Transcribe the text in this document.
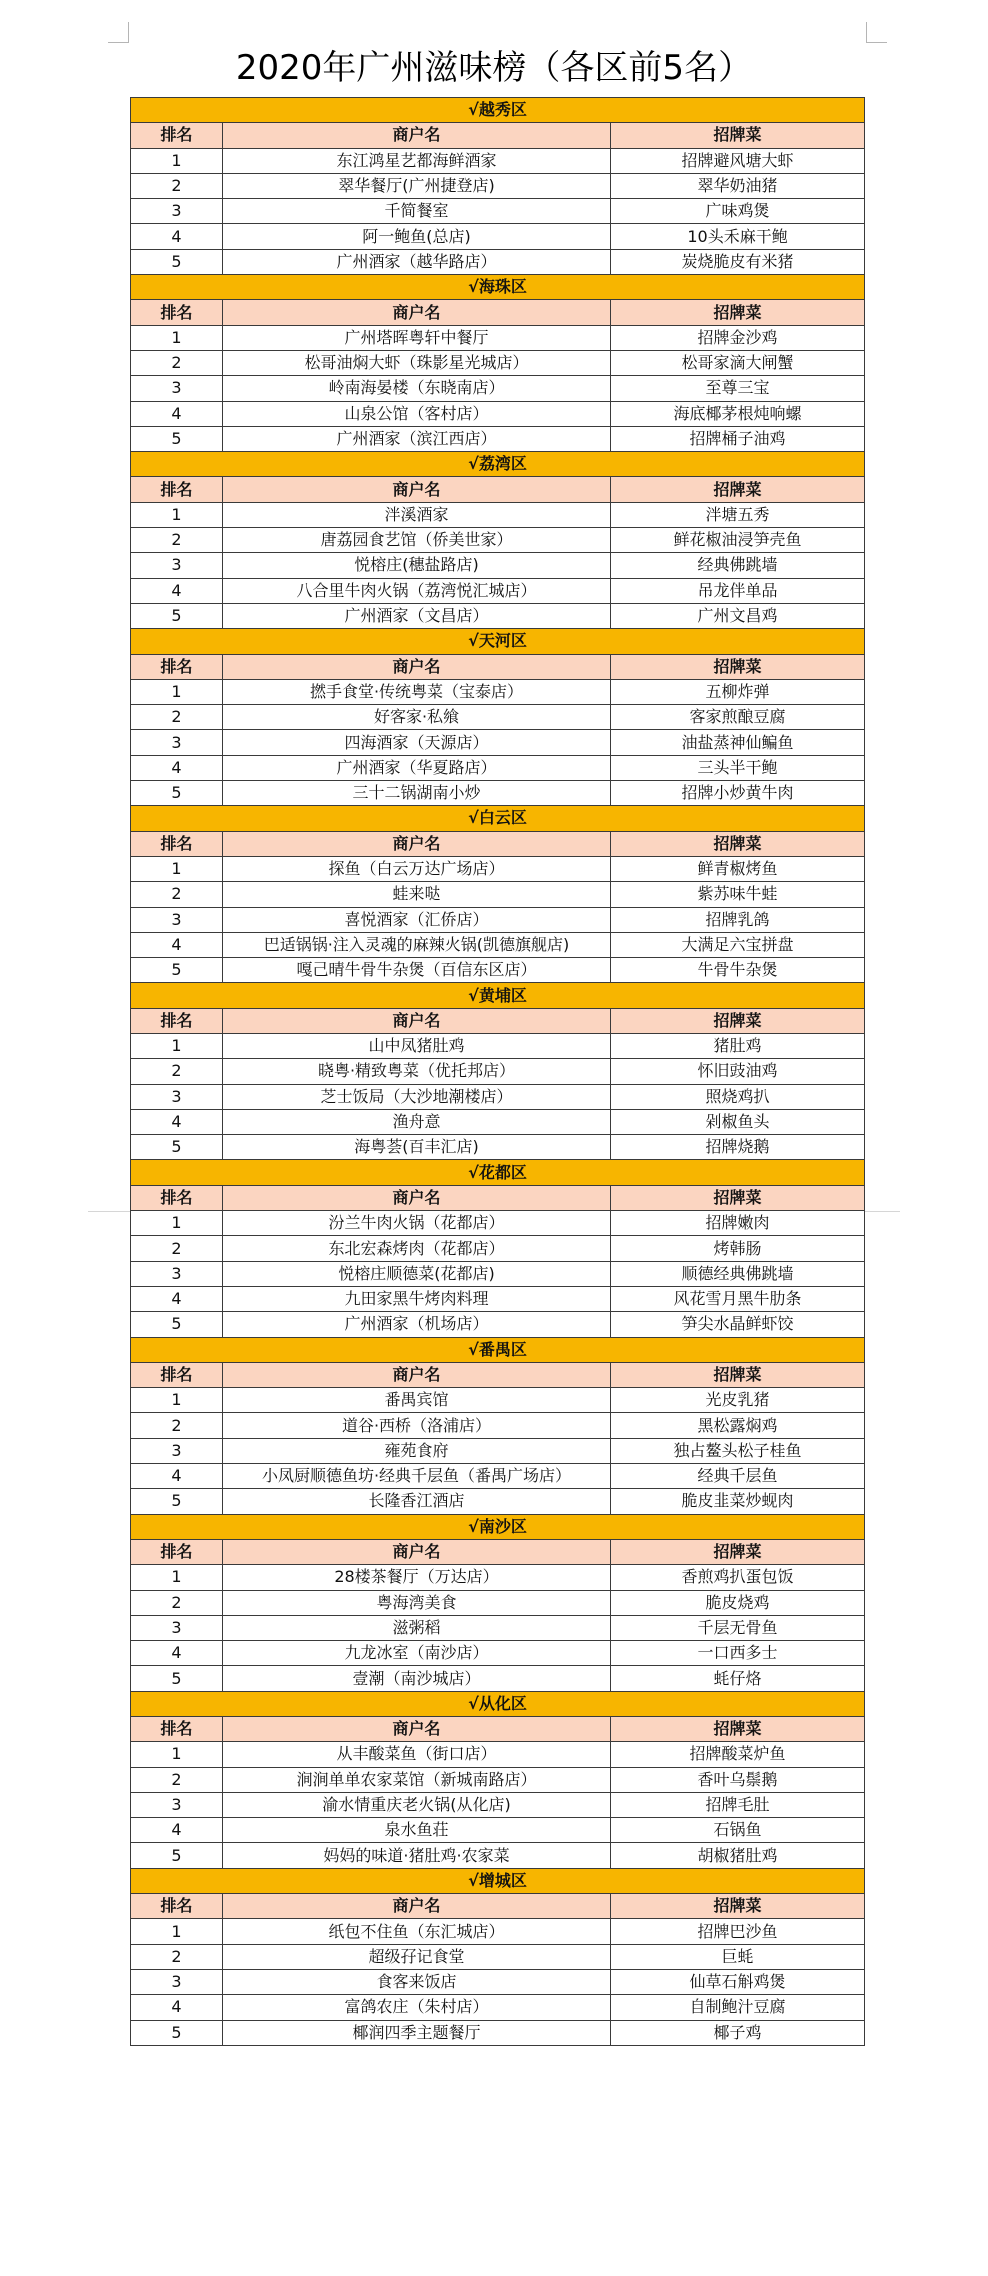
2020年广州滋味榜（各区前5名）
√越秀区		
排名	商户名	招牌菜
1	东江鸿星艺都海鲜酒家	招牌避风塘大虾
2	翠华餐厅(广州捷登店)	翠华奶油猪
3	千简餐室	广味鸡煲
4	阿一鲍鱼(总店)	10头禾麻干鲍
5	广州酒家（越华路店）	炭烧脆皮有米猪
√海珠区		
排名	商户名	招牌菜
1	广州塔晖粤轩中餐厅	招牌金沙鸡
2	松哥油焖大虾（珠影星光城店）	松哥家滴大闸蟹
3	岭南海晏楼（东晓南店）	至尊三宝
4	山泉公馆（客村店）	海底椰茅根炖响螺
5	广州酒家（滨江西店）	招牌桶子油鸡
√荔湾区		
排名	商户名	招牌菜
1	泮溪酒家	泮塘五秀
2	唐荔园食艺馆（侨美世家）	鲜花椒油浸笋壳鱼
3	悦榕庄(穗盐路店)	经典佛跳墙
4	八合里牛肉火锅（荔湾悦汇城店）	吊龙伴单品
5	广州酒家（文昌店）	广州文昌鸡
√天河区		
排名	商户名	招牌菜
1	撚手食堂·传统粤菜（宝泰店）	五柳炸弹
2	好客家·私飨	客家煎酿豆腐
3	四海酒家（天源店）	油盐蒸神仙鳊鱼
4	广州酒家（华夏路店）	三头半干鲍
5	三十二锅湖南小炒	招牌小炒黄牛肉
√白云区		
排名	商户名	招牌菜
1	探鱼（白云万达广场店）	鲜青椒烤鱼
2	蛙来哒	紫苏味牛蛙
3	喜悦酒家（汇侨店）	招牌乳鸽
4	巴适锅锅·注入灵魂的麻辣火锅(凯德旗舰店)	大满足六宝拼盘
5	嘎己晴牛骨牛杂煲（百信东区店）	牛骨牛杂煲
√黄埔区		
排名	商户名	招牌菜
1	山中凤猪肚鸡	猪肚鸡
2	晓粤·精致粤菜（优托邦店）	怀旧豉油鸡
3	芝士饭局（大沙地潮楼店）	照烧鸡扒
4	渔舟意	剁椒鱼头
5	海粤荟(百丰汇店)	招牌烧鹅
√花都区		
排名	商户名	招牌菜
1	汾兰牛肉火锅（花都店）	招牌嫩肉
2	东北宏森烤肉（花都店）	烤韩肠
3	悦榕庄顺德菜(花都店)	顺德经典佛跳墙
4	九田家黑牛烤肉料理	风花雪月黑牛肋条
5	广州酒家（机场店）	笋尖水晶鲜虾饺
√番禺区		
排名	商户名	招牌菜
1	番禺宾馆	光皮乳猪
2	道谷·西桥（洛浦店）	黑松露焖鸡
3	雍苑食府	独占鳌头松子桂鱼
4	小凤厨顺德鱼坊·经典千层鱼（番禺广场店）	经典千层鱼
5	长隆香江酒店	脆皮韭菜炒蚬肉
√南沙区		
排名	商户名	招牌菜
1	28楼茶餐厅（万达店）	香煎鸡扒蛋包饭
2	粤海湾美食	脆皮烧鸡
3	滋粥稻	千层无骨鱼
4	九龙冰室（南沙店）	一口西多士
5	壹潮（南沙城店）	蚝仔烙
√从化区		
排名	商户名	招牌菜
1	从丰酸菜鱼（街口店）	招牌酸菜炉鱼
2	涧涧单单农家菜馆（新城南路店）	香叶乌鬃鹅
3	渝水情重庆老火锅(从化店)	招牌毛肚
4	泉水鱼荘	石锅鱼
5	妈妈的味道·猪肚鸡·农家菜	胡椒猪肚鸡
√增城区		
排名	商户名	招牌菜
1	纸包不住鱼（东汇城店）	招牌巴沙鱼
2	超级孖记食堂	巨蚝
3	食客来饭店	仙草石斛鸡煲
4	富鸽农庄（朱村店）	自制鲍汁豆腐
5	椰润四季主题餐厅	椰子鸡
